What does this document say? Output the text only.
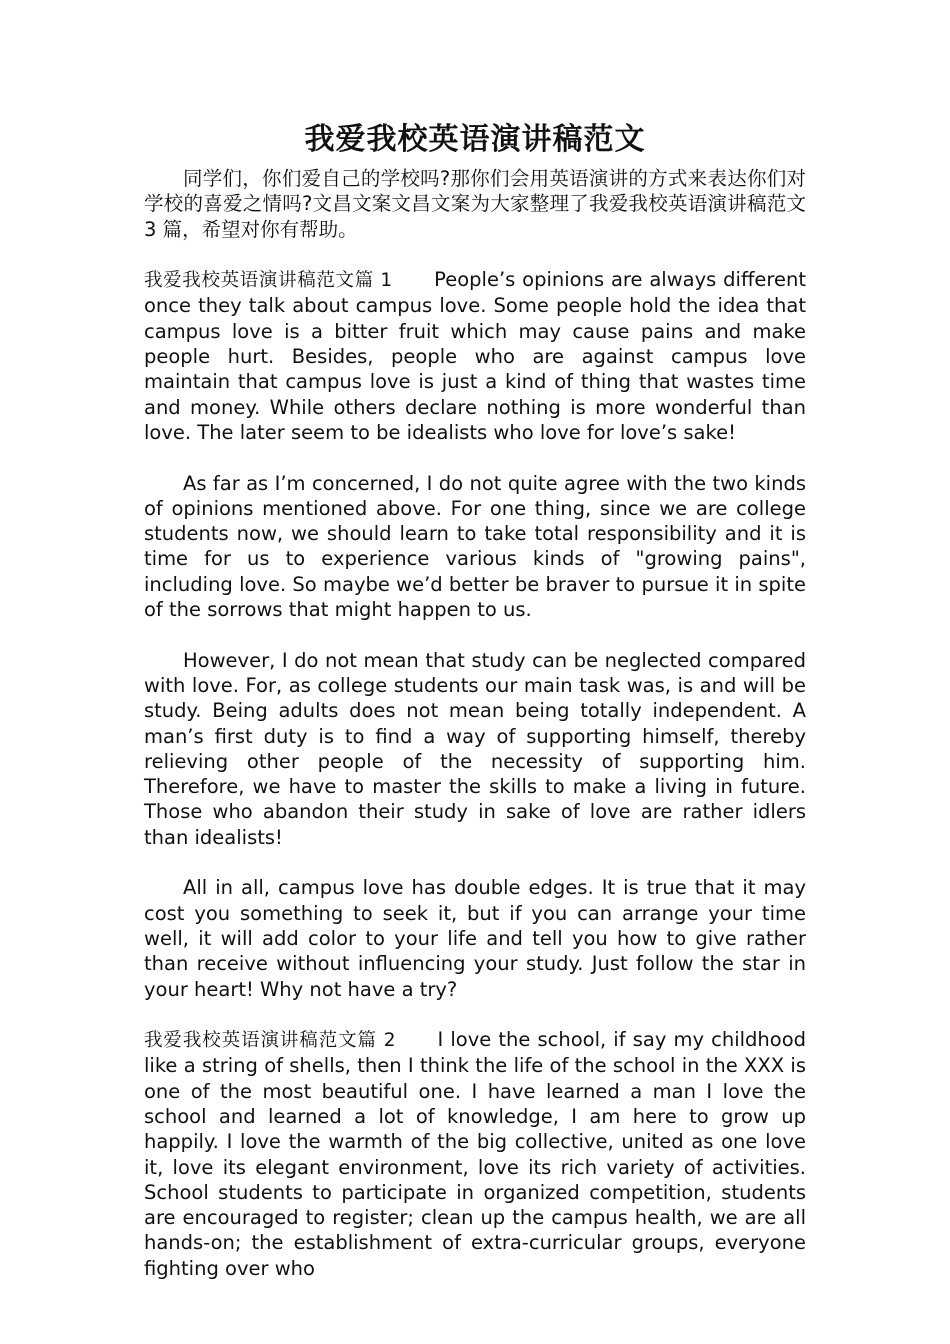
我爱我校英语演讲稿范文

同学们，你们爱自己的学校吗?那你们会用英语演讲的方式来表达你们对学校的喜爱之情吗?文昌文案文昌文案为大家整理了我爱我校英语演讲稿范文 3 篇，希望对你有帮助。

我爱我校英语演讲稿范文篇 1 People’s opinions are always different once they talk about campus love. Some people hold the idea that campus love is a bitter fruit which may cause pains and make people hurt. Besides, people who are against campus love maintain that campus love is just a kind of thing that wastes time and money. While others declare nothing is more wonderful than love. The later seem to be idealists who love for love’s sake!

As far as I’m concerned, I do not quite agree with the two kinds of opinions mentioned above. For one thing, since we are college students now, we should learn to take total responsibility and it is time for us to experience various kinds of "growing pains", including love. So maybe we’d better be braver to pursue it in spite of the sorrows that might happen to us.

However, I do not mean that study can be neglected compared with love. For, as college students our main task was, is and will be study. Being adults does not mean being totally independent. A man’s first duty is to find a way of supporting himself, thereby relieving other people of the necessity of supporting him. Therefore, we have to master the skills to make a living in future. Those who abandon their study in sake of love are rather idlers than idealists!

All in all, campus love has double edges. It is true that it may cost you something to seek it, but if you can arrange your time well, it will add color to your life and tell you how to give rather than receive without influencing your study. Just follow the star in your heart! Why not have a try?

我爱我校英语演讲稿范文篇 2 I love the school, if say my childhood like a string of shells, then I think the life of the school in the XXX is one of the most beautiful one. I have learned a man I love the school and learned a lot of knowledge, I am here to grow up happily. I love the warmth of the big collective, united as one love it, love its elegant environment, love its rich variety of activities. School students to participate in organized competition, students are encouraged to register; clean up the campus health, we are all hands-on; the establishment of extra-curricular groups, everyone fighting over who
